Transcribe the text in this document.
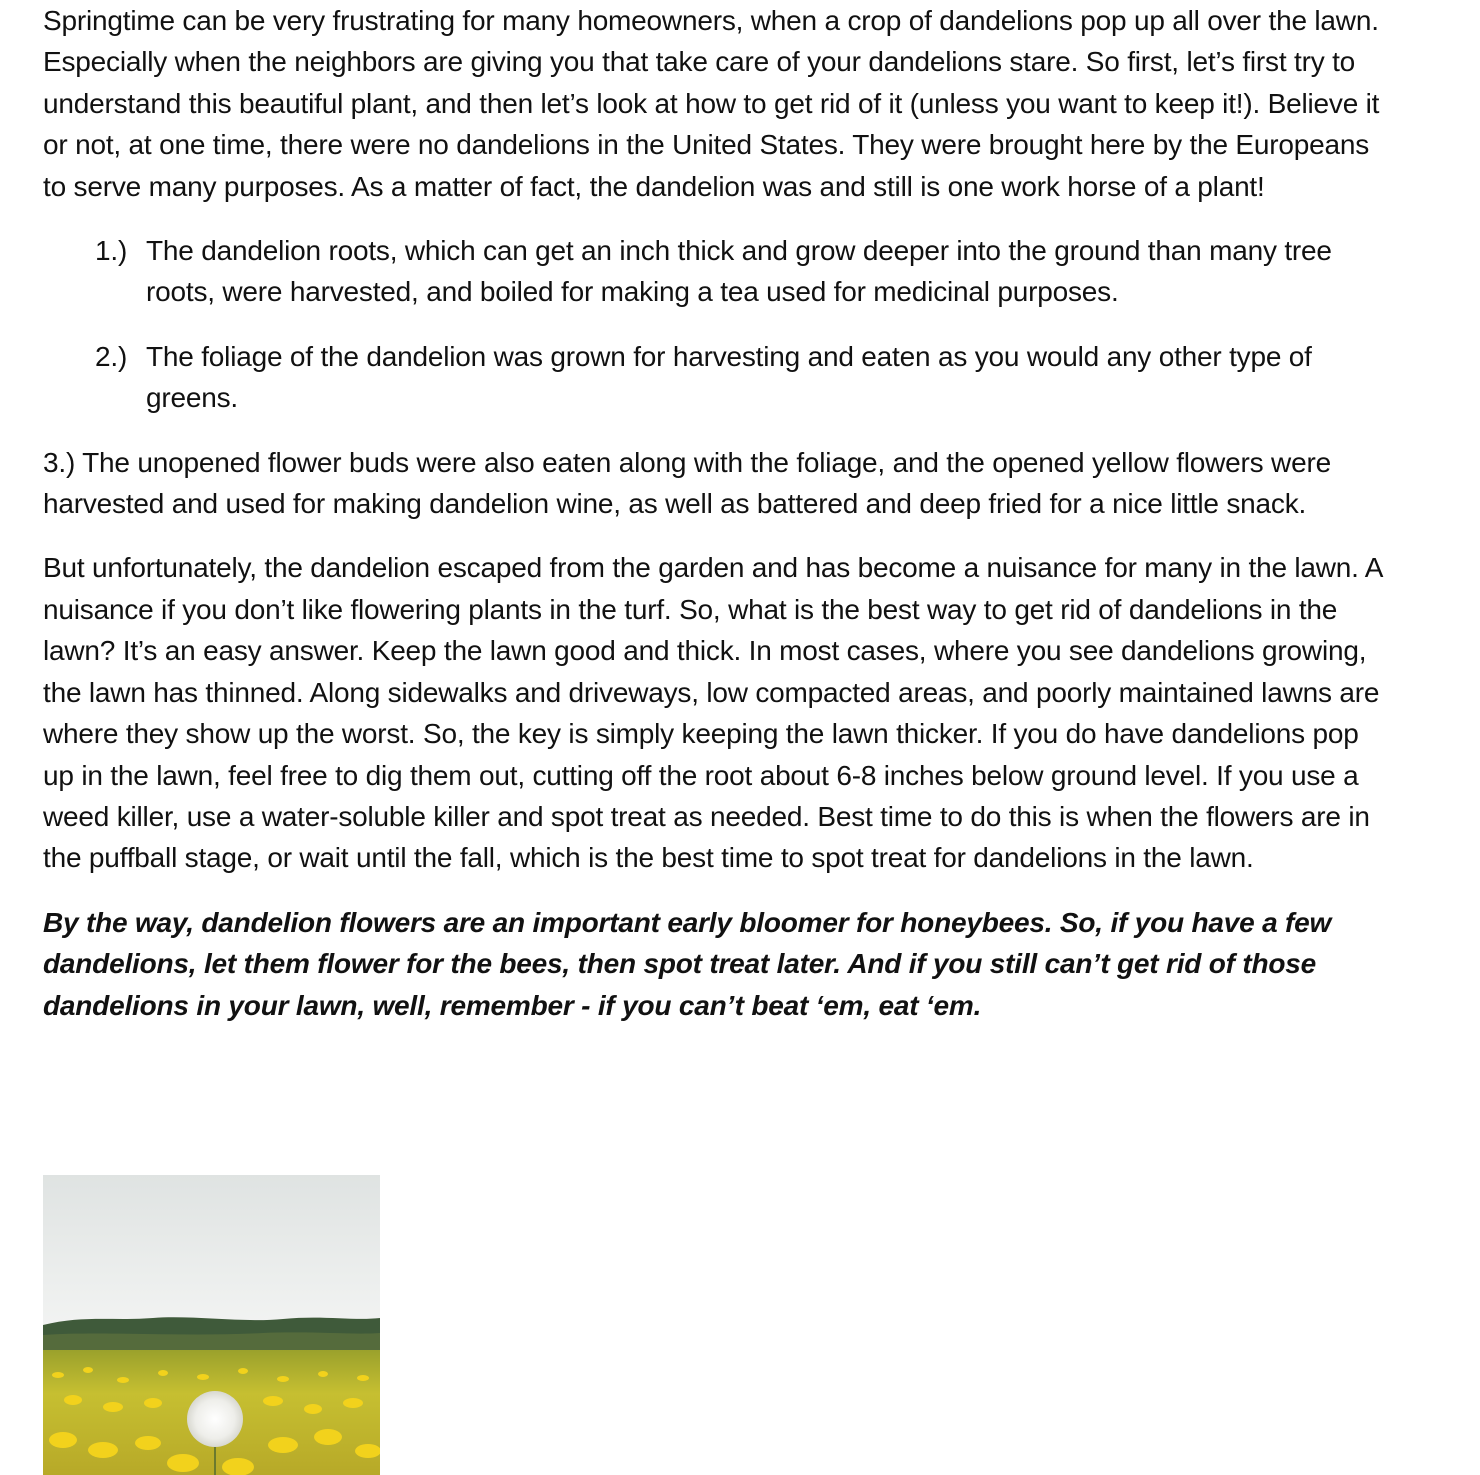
Springtime can be very frustrating for many homeowners, when a crop of dandelions pop up all over the lawn. Especially when the neighbors are giving you that take care of your dandelions stare. So first, let’s first try to understand this beautiful plant, and then let’s look at how to get rid of it (unless you want to keep it!). Believe it or not, at one time, there were no dandelions in the United States. They were brought here by the Europeans to serve many purposes. As a matter of fact, the dandelion was and still is one work horse of a plant!

1.) The dandelion roots, which can get an inch thick and grow deeper into the ground than many tree roots, were harvested, and boiled for making a tea used for medicinal purposes.
2.) The foliage of the dandelion was grown for harvesting and eaten as you would any other type of greens.

3.) The unopened flower buds were also eaten along with the foliage, and the opened yellow flowers were harvested and used for making dandelion wine, as well as battered and deep fried for a nice little snack.

But unfortunately, the dandelion escaped from the garden and has become a nuisance for many in the lawn. A nuisance if you don’t like flowering plants in the turf. So, what is the best way to get rid of dandelions in the lawn? It’s an easy answer. Keep the lawn good and thick. In most cases, where you see dandelions growing, the lawn has thinned. Along sidewalks and driveways, low compacted areas, and poorly maintained lawns are where they show up the worst. So, the key is simply keeping the lawn thicker. If you do have dandelions pop up in the lawn, feel free to dig them out, cutting off the root about 6-8 inches below ground level. If you use a weed killer, use a water-soluble killer and spot treat as needed. Best time to do this is when the flowers are in the puffball stage, or wait until the fall, which is the best time to spot treat for dandelions in the lawn.

By the way, dandelion flowers are an important early bloomer for honeybees. So, if you have a few dandelions, let them flower for the bees, then spot treat later. And if you still can’t get rid of those dandelions in your lawn, well, remember - if you can’t beat ‘em, eat ‘em.
